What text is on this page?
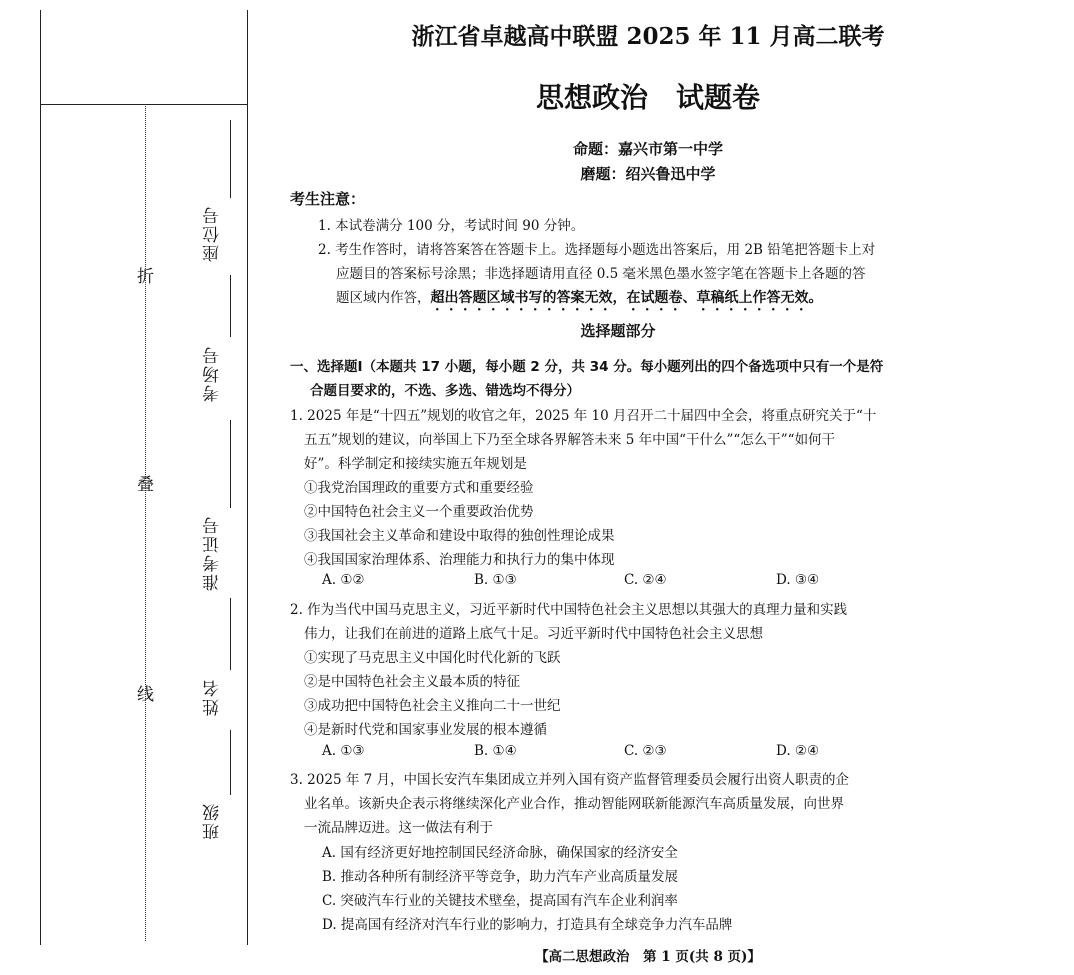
折
叠
线
座位号
考场号
准考证号
姓名
班级
浙江省卓越高中联盟 2025 年 11 月高二联考
思想政治　试题卷
命题：嘉兴市第一中学
磨题：绍兴鲁迅中学
考生注意：
1. 本试卷满分 100 分，考试时间 90 分钟。
2. 考生作答时，请将答案答在答题卡上。选择题每小题选出答案后，用 2B 铅笔把答题卡上对
应题目的答案标号涂黑；非选择题请用直径 0.5 毫米黑色墨水签字笔在答题卡上各题的答
题区域内作答，超出答题区域书写的答案无效，在试题卷、草稿纸上作答无效。
选择题部分
一、选择题Ⅰ（本题共 17 小题，每小题 2 分，共 34 分。每小题列出的四个备选项中只有一个是符
合题目要求的，不选、多选、错选均不得分）
1. 2025 年是“十四五”规划的收官之年，2025 年 10 月召开二十届四中全会，将重点研究关于“十
五五”规划的建议，向举国上下乃至全球各界解答未来 5 年中国“干什么”“怎么干”“如何干
好”。科学制定和接续实施五年规划是
①我党治国理政的重要方式和重要经验
②中国特色社会主义一个重要政治优势
③我国社会主义革命和建设中取得的独创性理论成果
④我国国家治理体系、治理能力和执行力的集中体现
A. ①②	B. ①③	C. ②④	D. ③④
2. 作为当代中国马克思主义，习近平新时代中国特色社会主义思想以其强大的真理力量和实践
伟力，让我们在前进的道路上底气十足。习近平新时代中国特色社会主义思想
①实现了马克思主义中国化时代化新的飞跃
②是中国特色社会主义最本质的特征
③成功把中国特色社会主义推向二十一世纪
④是新时代党和国家事业发展的根本遵循
A. ①③	B. ①④	C. ②③	D. ②④
3. 2025 年 7 月，中国长安汽车集团成立并列入国有资产监督管理委员会履行出资人职责的企
业名单。该新央企表示将继续深化产业合作，推动智能网联新能源汽车高质量发展，向世界
一流品牌迈进。这一做法有利于
A. 国有经济更好地控制国民经济命脉，确保国家的经济安全
B. 推动各种所有制经济平等竞争，助力汽车产业高质量发展
C. 突破汽车行业的关键技术壁垒，提高国有汽车企业利润率
D. 提高国有经济对汽车行业的影响力，打造具有全球竞争力汽车品牌
【高二思想政治　第 1 页(共 8 页)】
